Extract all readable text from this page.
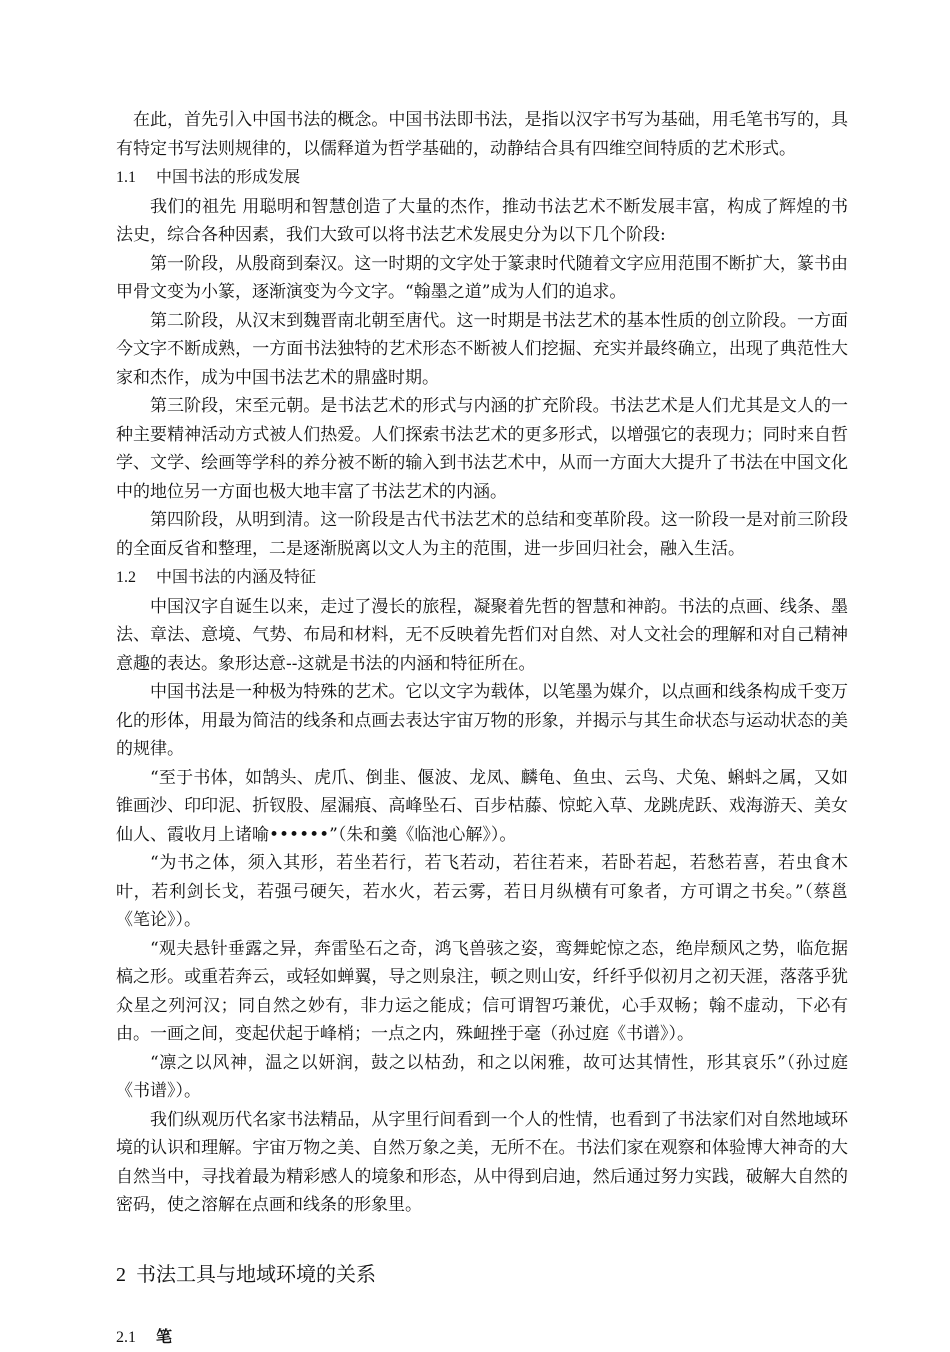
在此，首先引入中国书法的概念。中国书法即书法，是指以汉字书写为基础，用毛笔书写的，具有特定书写法则规律的，以儒释道为哲学基础的，动静结合具有四维空间特质的艺术形式。

1.1 中国书法的形成发展

我们的祖先 用聪明和智慧创造了大量的杰作，推动书法艺术不断发展丰富，构成了辉煌的书法史，综合各种因素，我们大致可以将书法艺术发展史分为以下几个阶段:

第一阶段，从殷商到秦汉。这一时期的文字处于篆隶时代随着文字应用范围不断扩大，篆书由甲骨文变为小篆，逐渐演变为今文字。“翰墨之道”成为人们的追求。

第二阶段，从汉末到魏晋南北朝至唐代。这一时期是书法艺术的基本性质的创立阶段。一方面今文字不断成熟，一方面书法独特的艺术形态不断被人们挖掘、充实并最终确立，出现了典范性大家和杰作，成为中国书法艺术的鼎盛时期。

第三阶段，宋至元朝。是书法艺术的形式与内涵的扩充阶段。书法艺术是人们尤其是文人的一种主要精神活动方式被人们热爱。人们探索书法艺术的更多形式，以增强它的表现力；同时来自哲学、文学、绘画等学科的养分被不断的输入到书法艺术中，从而一方面大大提升了书法在中国文化中的地位另一方面也极大地丰富了书法艺术的内涵。

第四阶段，从明到清。这一阶段是古代书法艺术的总结和变革阶段。这一阶段一是对前三阶段的全面反省和整理，二是逐渐脱离以文人为主的范围，进一步回归社会，融入生活。

1.2 中国书法的内涵及特征

中国汉字自诞生以来，走过了漫长的旅程，凝聚着先哲的智慧和神韵。书法的点画、线条、墨法、章法、意境、气势、布局和材料，无不反映着先哲们对自然、对人文社会的理解和对自己精神意趣的表达。象形达意--这就是书法的内涵和特征所在。

中国书法是一种极为特殊的艺术。它以文字为载体，以笔墨为媒介，以点画和线条构成千变万化的形体，用最为简洁的线条和点画去表达宇宙万物的形象，并揭示与其生命状态与运动状态的美的规律。

“至于书体，如鹄头、虎爪、倒韭、偃波、龙凤、麟龟、鱼虫、云鸟、犬兔、蝌蚪之属，又如锥画沙、印印泥、折钗股、屋漏痕、高峰坠石、百步枯藤、惊蛇入草、龙跳虎跃、戏海游天、美女仙人、霞收月上诸喻••••••”（朱和羹《临池心解》）。

“为书之体，须入其形，若坐若行，若飞若动，若往若来，若卧若起，若愁若喜，若虫食木叶，若利剑长戈，若强弓硬矢，若水火，若云雾，若日月纵横有可象者，方可谓之书矣。”（蔡邕《笔论》）。

“观夫悬针垂露之异，奔雷坠石之奇，鸿飞兽骇之姿，鸾舞蛇惊之态，绝岸颓风之势，临危据槁之形。或重若奔云，或轻如蝉翼，导之则泉注，顿之则山安，纤纤乎似初月之初天涯，落落乎犹众星之列河汉；同自然之妙有，非力运之能成；信可谓智巧兼优，心手双畅；翰不虚动，下必有由。一画之间，变起伏起于峰梢；一点之内，殊衄挫于毫（孙过庭《书谱》）。

“凛之以风神，温之以妍润，鼓之以枯劲，和之以闲雅，故可达其情性，形其哀乐”（孙过庭《书谱》）。

我们纵观历代名家书法精品，从字里行间看到一个人的性情，也看到了书法家们对自然地域环境的认识和理解。宇宙万物之美、自然万象之美，无所不在。书法们家在观察和体验博大神奇的大自然当中，寻找着最为精彩感人的境象和形态，从中得到启迪，然后通过努力实践，破解大自然的密码，使之溶解在点画和线条的形象里。

2 书法工具与地域环境的关系
2.1 笔
